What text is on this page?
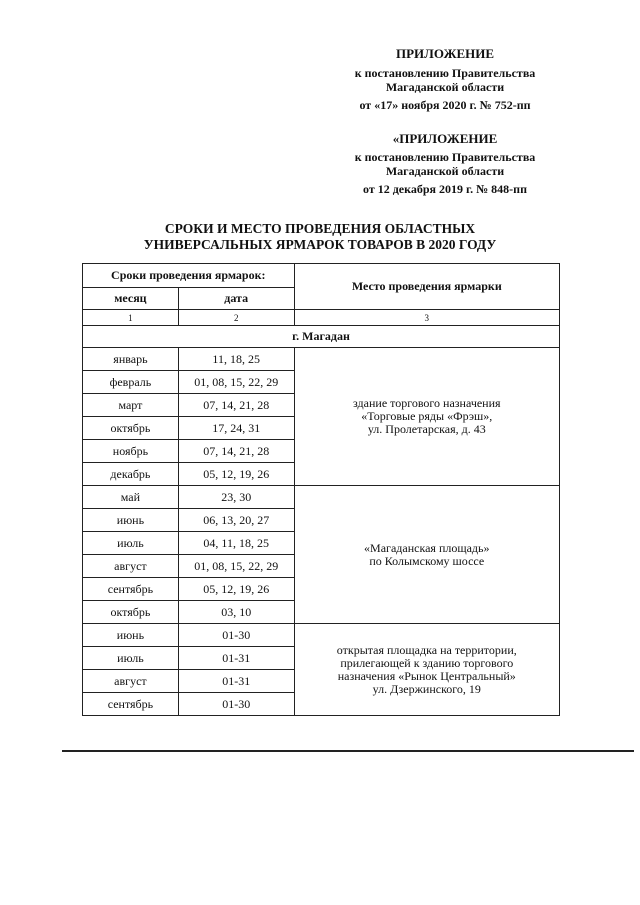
ПРИЛОЖЕНИЕ
к постановлению Правительства
Магаданской области
от «17» ноября 2020 г. № 752-пп
«ПРИЛОЖЕНИЕ
к постановлению Правительства
Магаданской области
от 12 декабря 2019 г. № 848-пп
СРОКИ И МЕСТО ПРОВЕДЕНИЯ ОБЛАСТНЫХ
УНИВЕРСАЛЬНЫХ ЯРМАРОК ТОВАРОВ В 2020 ГОДУ
Сроки проведения ярмарок:		Место проведения ярмарки
месяц	дата	
1	2	3
г. Магадан		
январь	11, 18, 25	здание торгового назначения
«Торговые ряды «Фрэш»,
ул. Пролетарская, д. 43

февраль	01, 08, 15, 22, 29	
март	07, 14, 21, 28	
октябрь	17, 24, 31	
ноябрь	07, 14, 21, 28	
декабрь	05, 12, 19, 26	
май	23, 30	«Магаданская площадь»
по Колымскому шоссе

июнь	06, 13, 20, 27	
июль	04, 11, 18, 25	
август	01, 08, 15, 22, 29	
сентябрь	05, 12, 19, 26	
октябрь	03, 10	
июнь	01-30	открытая площадка на территории,
прилегающей к зданию торгового
назначения «Рынок Центральный»
ул. Дзержинского, 19

июль	01-31	
август	01-31	
сентябрь	01-30	
